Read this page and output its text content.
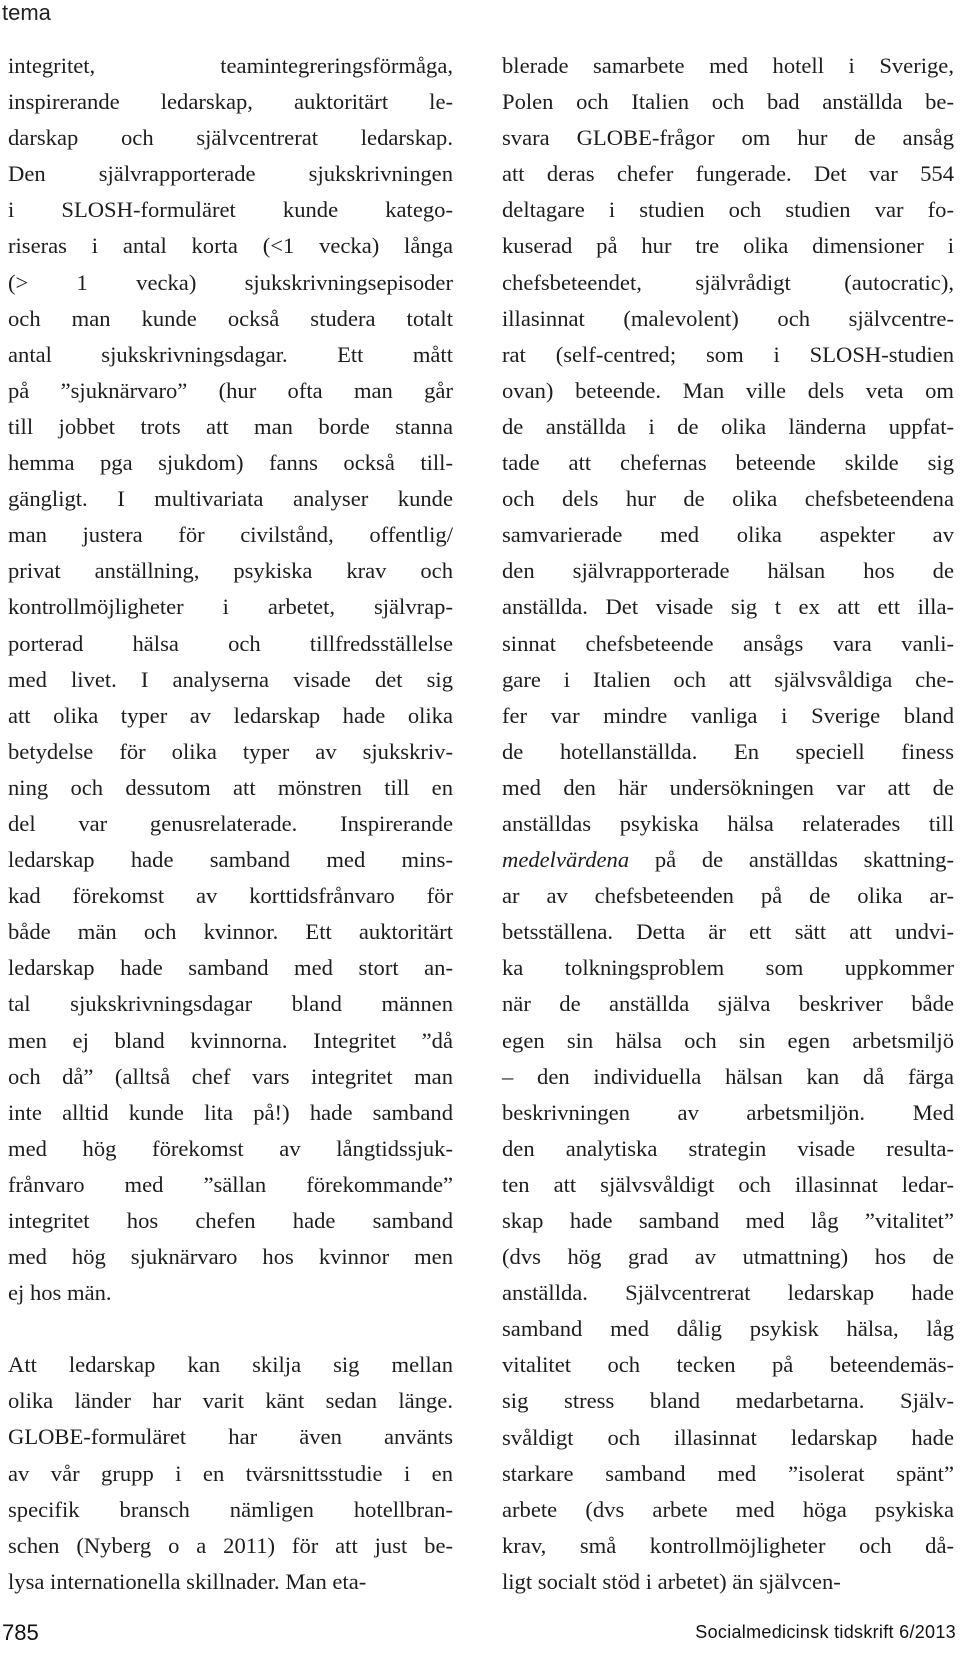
tema

integritet, teamintegreringsförmåga,
inspirerande ledarskap, auktoritärt le-
darskap och självcentrerat ledarskap.
Den självrapporterade sjukskrivningen
i SLOSH-formuläret kunde katego-
riseras i antal korta (<1 vecka) långa
(> 1 vecka) sjukskrivningsepisoder
och man kunde också studera totalt
antal sjukskrivningsdagar. Ett mått
på ”sjuknärvaro” (hur ofta man går
till jobbet trots att man borde stanna
hemma pga sjukdom) fanns också till-
gängligt. I multivariata analyser kunde
man justera för civilstånd, offentlig/
privat anställning, psykiska krav och
kontrollmöjligheter i arbetet, självrap-
porterad hälsa och tillfredsställelse
med livet. I analyserna visade det sig
att olika typer av ledarskap hade olika
betydelse för olika typer av sjukskriv-
ning och dessutom att mönstren till en
del var genusrelaterade. Inspirerande
ledarskap hade samband med mins-
kad förekomst av korttidsfrånvaro för
både män och kvinnor. Ett auktoritärt
ledarskap hade samband med stort an-
tal sjukskrivningsdagar bland männen
men ej bland kvinnorna. Integritet ”då
och då” (alltså chef vars integritet man
inte alltid kunde lita på!) hade samband
med hög förekomst av långtidssjuk-
frånvaro med ”sällan förekommande”
integritet hos chefen hade samband
med hög sjuknärvaro hos kvinnor men
ej hos män.

Att ledarskap kan skilja sig mellan
olika länder har varit känt sedan länge.
GLOBE-formuläret har även använts
av vår grupp i en tvärsnittsstudie i en
specifik bransch nämligen hotellbran-
schen (Nyberg o a 2011) för att just be-
lysa internationella skillnader. Man eta-

blerade samarbete med hotell i Sverige,
Polen och Italien och bad anställda be-
svara GLOBE-frågor om hur de ansåg
att deras chefer fungerade. Det var 554
deltagare i studien och studien var fo-
kuserad på hur tre olika dimensioner i
chefsbeteendet, självrådigt (autocratic),
illasinnat (malevolent) och självcentre-
rat (self-centred; som i SLOSH-studien
ovan) beteende. Man ville dels veta om
de anställda i de olika länderna uppfat-
tade att chefernas beteende skilde sig
och dels hur de olika chefsbeteendena
samvarierade med olika aspekter av
den självrapporterade hälsan hos de
anställda. Det visade sig t ex att ett illa-
sinnat chefsbeteende ansågs vara vanli-
gare i Italien och att självsvåldiga che-
fer var mindre vanliga i Sverige bland
de hotellanställda. En speciell finess
med den här undersökningen var att de
anställdas psykiska hälsa relaterades till
medelvärdena på de anställdas skattning-
ar av chefsbeteenden på de olika ar-
betsställena. Detta är ett sätt att undvi-
ka tolkningsproblem som uppkommer
när de anställda själva beskriver både
egen sin hälsa och sin egen arbetsmiljö
– den individuella hälsan kan då färga
beskrivningen av arbetsmiljön. Med
den analytiska strategin visade resulta-
ten att självsvåldigt och illasinnat ledar-
skap hade samband med låg ”vitalitet”
(dvs hög grad av utmattning) hos de
anställda. Självcentrerat ledarskap hade
samband med dålig psykisk hälsa, låg
vitalitet och tecken på beteendemäs-
sig stress bland medarbetarna. Själv-
svåldigt och illasinnat ledarskap hade
starkare samband med ”isolerat spänt”
arbete (dvs arbete med höga psykiska
krav, små kontrollmöjligheter och då-
ligt socialt stöd i arbetet) än självcen-

785	Socialmedicinsk tidskrift 6/2013
